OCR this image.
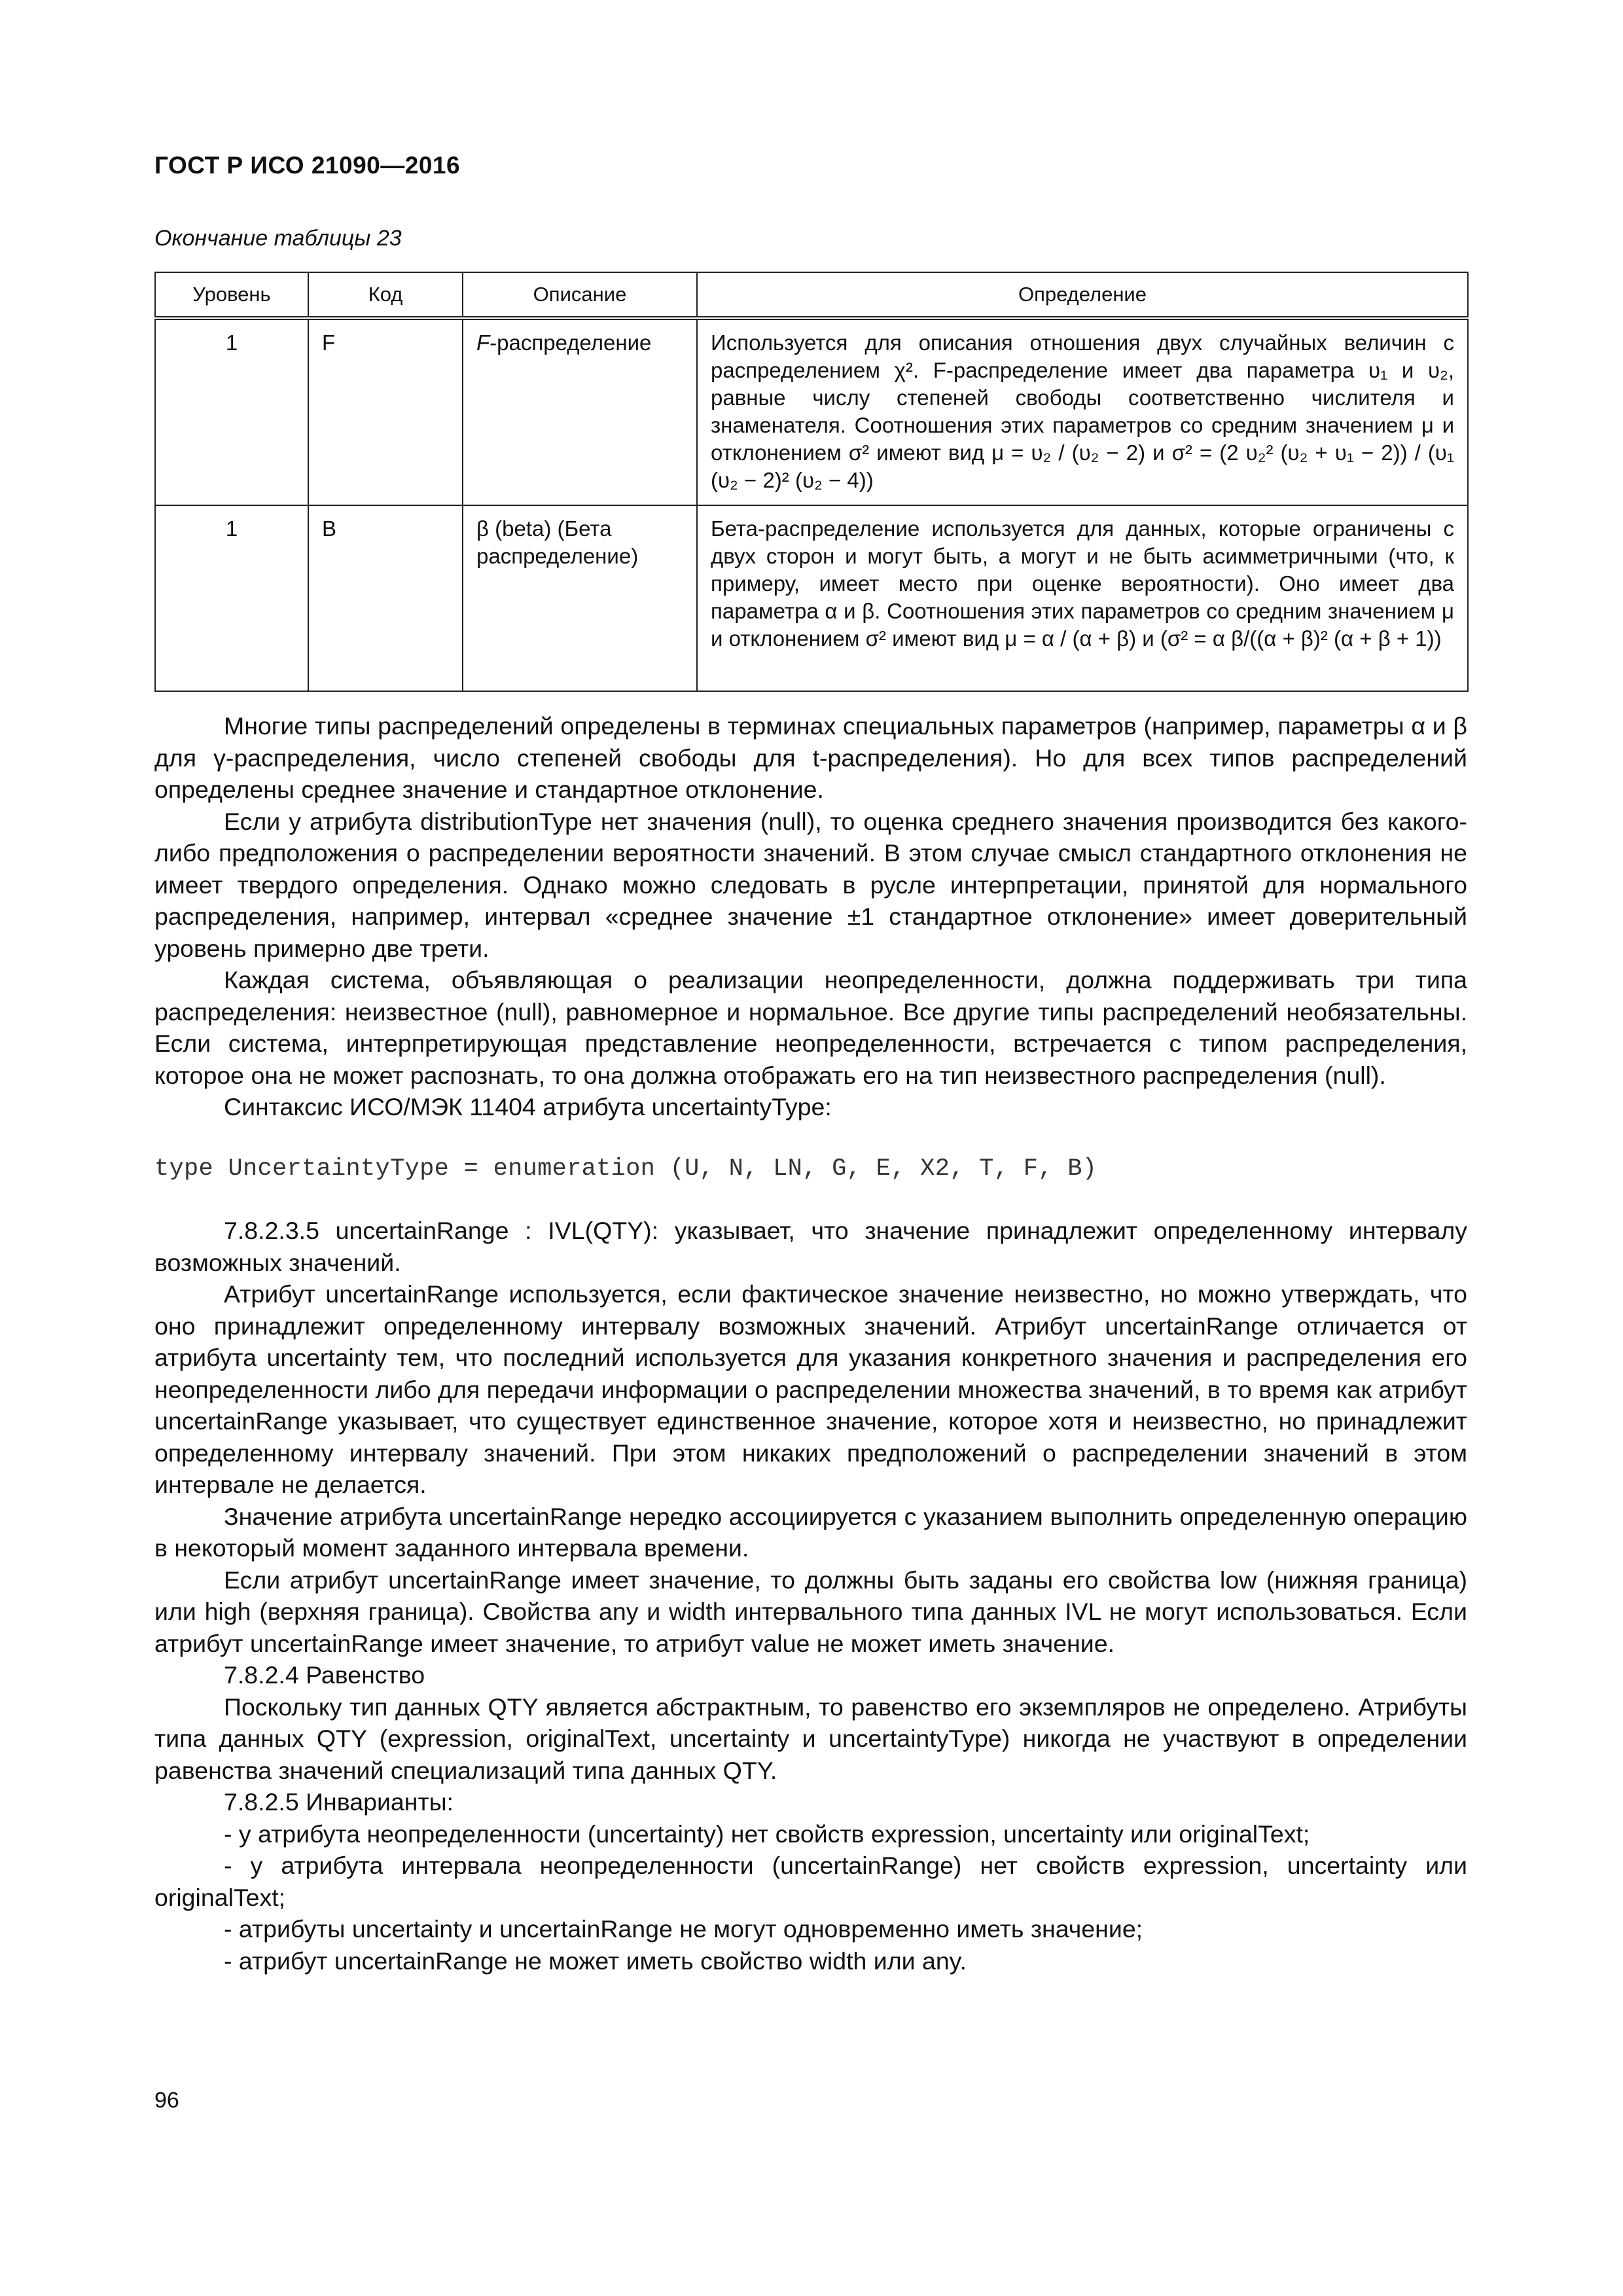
ГОСТ Р ИСО 21090—2016
Окончание таблицы 23
Уровень	Код	Описание	Определение
1	F	F-распределение	Используется для описания отношения двух случайных величин с распределением χ². F-распределение имеет два параметра υ₁ и υ₂, равные числу степеней свободы соответственно числителя и знаменателя. Соотношения этих параметров со средним значением μ и отклонением σ² имеют вид μ = υ₂ / (υ₂ − 2) и σ² = (2 υ₂² (υ₂ + υ₁ − 2)) / (υ₁ (υ₂ − 2)² (υ₂ − 4))
1	B	β (beta) (Бета распределение)	Бета-распределение используется для данных, которые ограничены с двух сторон и могут быть, а могут и не быть асимметричными (что, к примеру, имеет место при оценке вероятности). Оно имеет два параметра α и β. Соотношения этих параметров со средним значением μ и отклонением σ² имеют вид μ = α / (α + β) и (σ² = α β/((α + β)² (α + β + 1))

Многие типы распределений определены в терминах специальных параметров (например, параметры α и β для γ-распределения, число степеней свободы для t-распределения). Но для всех типов распределений определены среднее значение и стандартное отклонение.

Если у атрибута distributionType нет значения (null), то оценка среднего значения производится без какого-либо предположения о распределении вероятности значений. В этом случае смысл стандартного отклонения не имеет твердого определения. Однако можно следовать в русле интерпретации, принятой для нормального распределения, например, интервал «среднее значение ±1 стандартное отклонение» имеет доверительный уровень примерно две трети.

Каждая система, объявляющая о реализации неопределенности, должна поддерживать три типа распределения: неизвестное (null), равномерное и нормальное. Все другие типы распределений необязательны. Если система, интерпретирующая представление неопределенности, встречается с типом распределения, которое она не может распознать, то она должна отображать его на тип неизвестного распределения (null).

Синтаксис ИСО/МЭК 11404 атрибута uncertaintyType:

type UncertaintyType = enumeration (U, N, LN, G, E, X2, T, F, B)

7.8.2.3.5 uncertainRange : IVL(QTY): указывает, что значение принадлежит определенному интервалу возможных значений.

Атрибут uncertainRange используется, если фактическое значение неизвестно, но можно утверждать, что оно принадлежит определенному интервалу возможных значений. Атрибут uncertainRange отличается от атрибута uncertainty тем, что последний используется для указания конкретного значения и распределения его неопределенности либо для передачи информации о распределении множества значений, в то время как атрибут uncertainRange указывает, что существует единственное значение, которое хотя и неизвестно, но принадлежит определенному интервалу значений. При этом никаких предположений о распределении значений в этом интервале не делается.

Значение атрибута uncertainRange нередко ассоциируется с указанием выполнить определенную операцию в некоторый момент заданного интервала времени.

Если атрибут uncertainRange имеет значение, то должны быть заданы его свойства low (нижняя граница) или high (верхняя граница). Свойства any и width интервального типа данных IVL не могут использоваться. Если атрибут uncertainRange имеет значение, то атрибут value не может иметь значение.

7.8.2.4 Равенство

Поскольку тип данных QTY является абстрактным, то равенство его экземпляров не определено. Атрибуты типа данных QTY (expression, originalText, uncertainty и uncertaintyType) никогда не участвуют в определении равенства значений специализаций типа данных QTY.

7.8.2.5 Инварианты:

- у атрибута неопределенности (uncertainty) нет свойств expression, uncertainty или originalText;

- у атрибута интервала неопределенности (uncertainRange) нет свойств expression, uncertainty или originalText;

- атрибуты uncertainty и uncertainRange не могут одновременно иметь значение;

- атрибут uncertainRange не может иметь свойство width или any.

96
